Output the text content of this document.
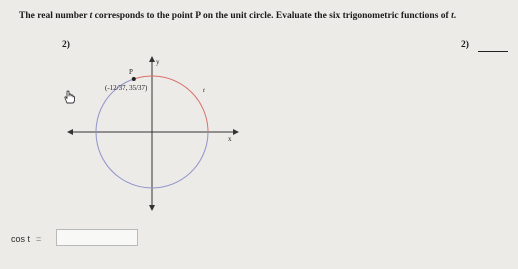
The real number t corresponds to the point P on the unit circle. Evaluate the six trigonometric functions of t.
2)	2)
y
x
P
(-12/37, 35/37)	t
cos t =
